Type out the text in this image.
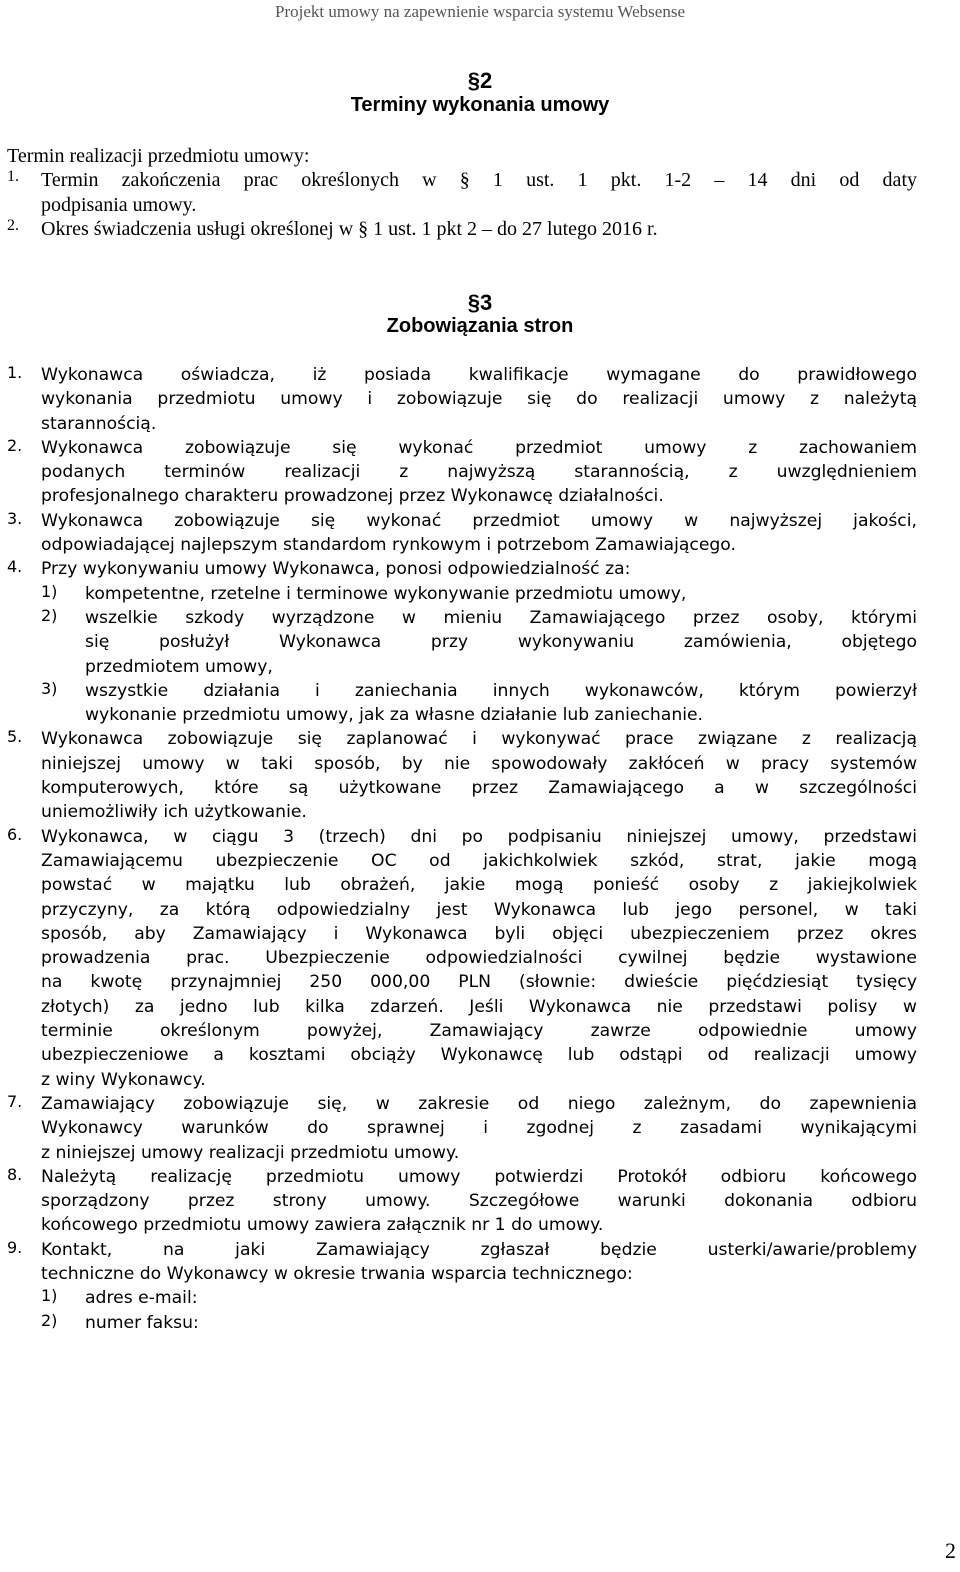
Projekt umowy na zapewnienie wsparcia systemu Websense
§2
Terminy wykonania umowy
Termin realizacji przedmiotu umowy:
1. Termin zakończenia prac określonych w § 1 ust. 1 pkt. 1-2 – 14 dni od daty
podpisania umowy.
2. Okres świadczenia usługi określonej w § 1 ust. 1 pkt 2 – do 27 lutego 2016 r.
§3
Zobowiązania stron
1. Wykonawca oświadcza, iż posiada kwalifikacje wymagane do prawidłowego
wykonania przedmiotu umowy i zobowiązuje się do realizacji umowy z należytą
starannością.
2. Wykonawca zobowiązuje się wykonać przedmiot umowy z zachowaniem
podanych terminów realizacji z najwyższą starannością, z uwzględnieniem
profesjonalnego charakteru prowadzonej przez Wykonawcę działalności.
3. Wykonawca zobowiązuje się wykonać przedmiot umowy w najwyższej jakości,
odpowiadającej najlepszym standardom rynkowym i potrzebom Zamawiającego.
4. Przy wykonywaniu umowy Wykonawca, ponosi odpowiedzialność za:
1) kompetentne, rzetelne i terminowe wykonywanie przedmiotu umowy,
2) wszelkie szkody wyrządzone w mieniu Zamawiającego przez osoby, którymi
się posłużył Wykonawca przy wykonywaniu zamówienia, objętego
przedmiotem umowy,
3) wszystkie działania i zaniechania innych wykonawców, którym powierzył
wykonanie przedmiotu umowy, jak za własne działanie lub zaniechanie.
5. Wykonawca zobowiązuje się zaplanować i wykonywać prace związane z realizacją
niniejszej umowy w taki sposób, by nie spowodowały zakłóceń w pracy systemów
komputerowych, które są użytkowane przez Zamawiającego a w szczególności
uniemożliwiły ich użytkowanie.
6. Wykonawca, w ciągu 3 (trzech) dni po podpisaniu niniejszej umowy, przedstawi
Zamawiającemu ubezpieczenie OC od jakichkolwiek szkód, strat, jakie mogą
powstać w majątku lub obrażeń, jakie mogą ponieść osoby z jakiejkolwiek
przyczyny, za którą odpowiedzialny jest Wykonawca lub jego personel, w taki
sposób, aby Zamawiający i Wykonawca byli objęci ubezpieczeniem przez okres
prowadzenia prac. Ubezpieczenie odpowiedzialności cywilnej będzie wystawione
na kwotę przynajmniej 250 000,00 PLN (słownie: dwieście pięćdziesiąt tysięcy
złotych) za jedno lub kilka zdarzeń. Jeśli Wykonawca nie przedstawi polisy w
terminie określonym powyżej, Zamawiający zawrze odpowiednie umowy
ubezpieczeniowe a kosztami obciąży Wykonawcę lub odstąpi od realizacji umowy
z winy Wykonawcy.
7. Zamawiający zobowiązuje się, w zakresie od niego zależnym, do zapewnienia
Wykonawcy warunków do sprawnej i zgodnej z zasadami wynikającymi
z niniejszej umowy realizacji przedmiotu umowy.
8. Należytą realizację przedmiotu umowy potwierdzi Protokół odbioru końcowego
sporządzony przez strony umowy. Szczegółowe warunki dokonania odbioru
końcowego przedmiotu umowy zawiera załącznik nr 1 do umowy.
9. Kontakt, na jaki Zamawiający zgłaszał będzie usterki/awarie/problemy
techniczne do Wykonawcy w okresie trwania wsparcia technicznego:
1) adres e-mail:
2) numer faksu:
2
